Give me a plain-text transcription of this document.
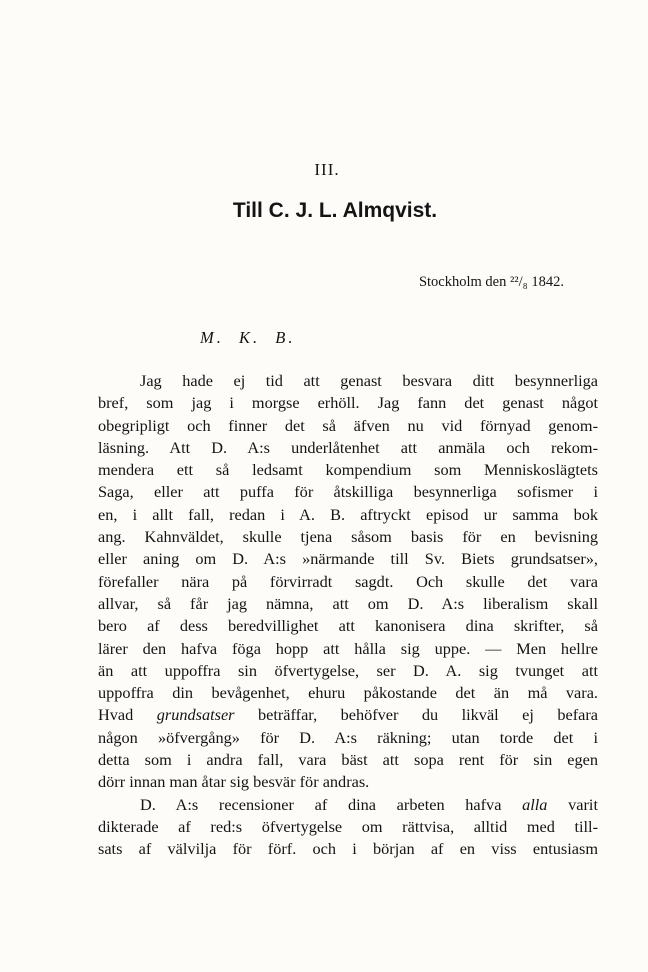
III.
Till C. J. L. Almqvist.
Stockholm den ²²/₈ 1842.
M. K. B.
Jag hade ej tid att genast besvara ditt besynnerliga
bref, som jag i morgse erhöll. Jag fann det genast något
obegripligt och finner det så äfven nu vid förnyad genom-
läsning. Att D. A:s underlåtenhet att anmäla och rekom-
mendera ett så ledsamt kompendium som Menniskoslägtets
Saga, eller att puffa för åtskilliga besynnerliga sofismer i
en, i allt fall, redan i A. B. aftryckt episod ur samma bok
ang. Kahnväldet, skulle tjena såsom basis för en bevisning
eller aning om D. A:s »närmande till Sv. Biets grundsatser»,
förefaller nära på förvirradt sagdt. Och skulle det vara
allvar, så får jag nämna, att om D. A:s liberalism skall
bero af dess beredvillighet att kanonisera dina skrifter, så
lärer den hafva föga hopp att hålla sig uppe. — Men hellre
än att uppoffra sin öfvertygelse, ser D. A. sig tvunget att
uppoffra din bevågenhet, ehuru påkostande det än må vara.
Hvad grundsatser beträffar, behöfver du likväl ej befara
någon »öfvergång» för D. A:s räkning; utan torde det i
detta som i andra fall, vara bäst att sopa rent för sin egen
dörr innan man åtar sig besvär för andras.
D. A:s recensioner af dina arbeten hafva alla varit
dikterade af red:s öfvertygelse om rättvisa, alltid med till-
sats af välvilja för förf. och i början af en viss entusiasm
